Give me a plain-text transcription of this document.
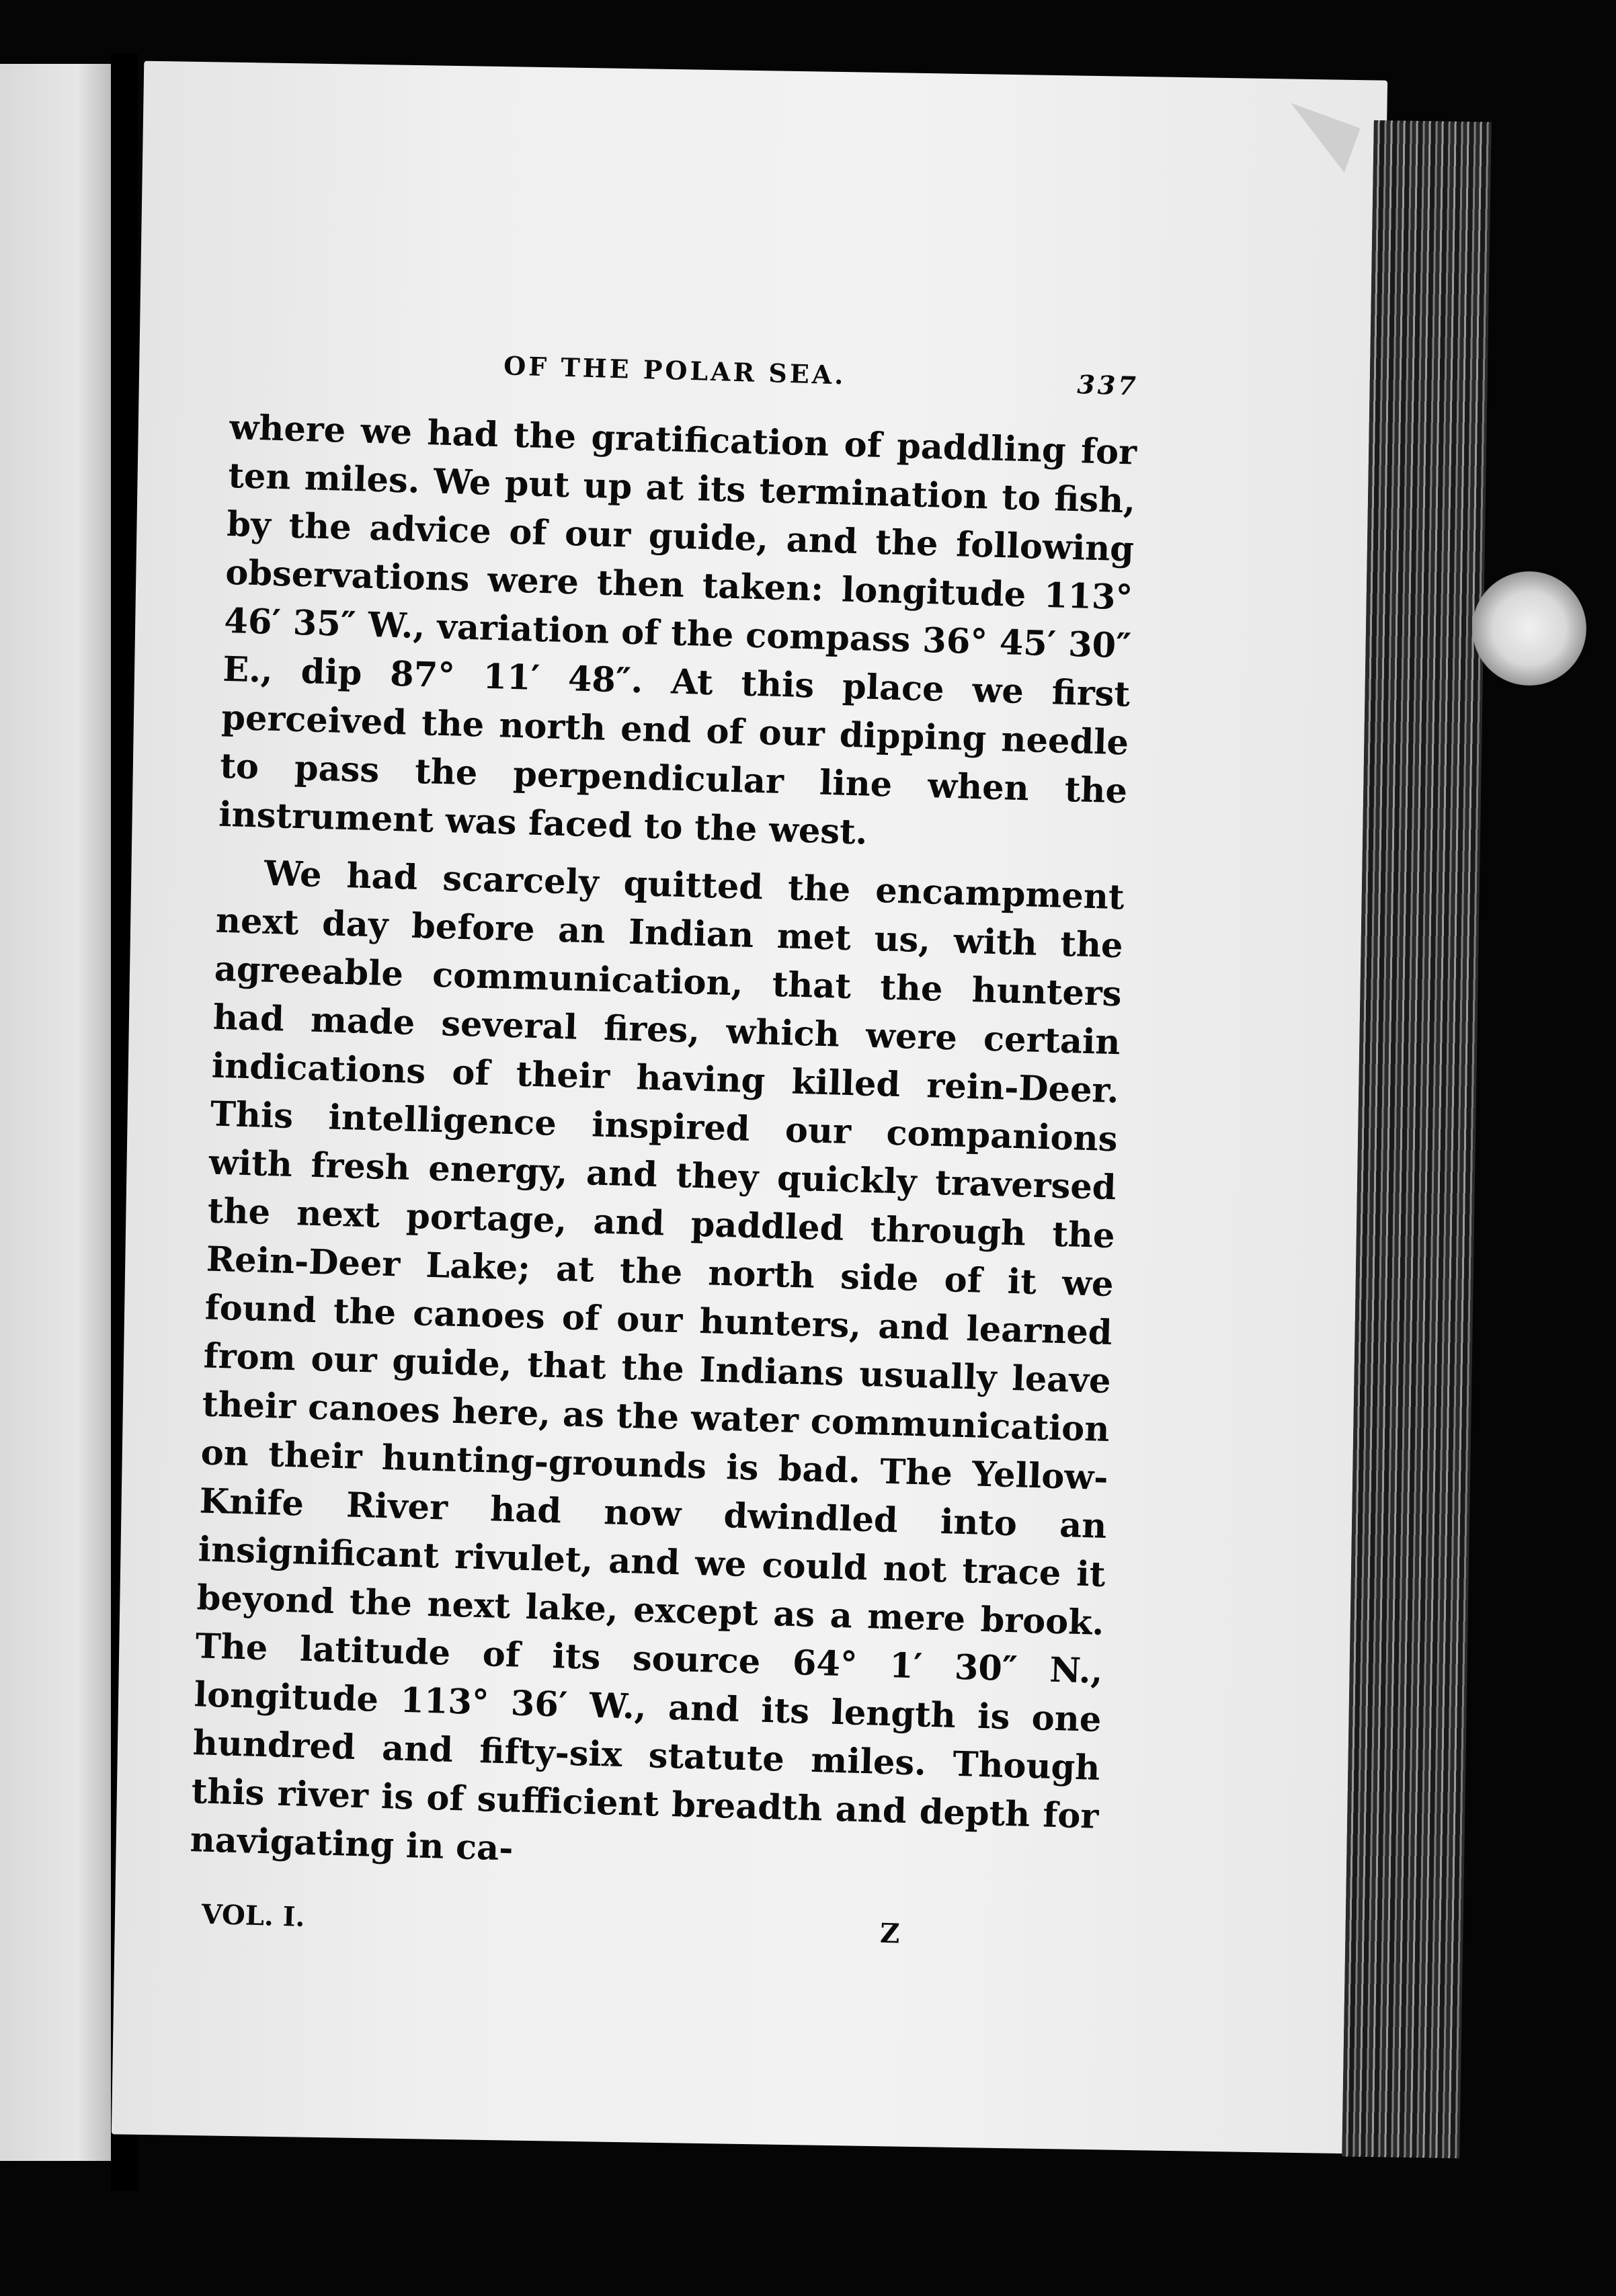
OF THE POLAR SEA.	337

where we had the gratification of paddling for ten miles. We put up at its termination to fish, by the advice of our guide, and the following observations were then taken: longitude 113° 46′ 35″ W., variation of the compass 36° 45′ 30″ E., dip 87° 11′ 48″. At this place we first perceived the north end of our dipping needle to pass the perpendicular line when the instrument was faced to the west.

We had scarcely quitted the encampment next day before an Indian met us, with the agreeable communication, that the hunters had made several fires, which were certain indications of their having killed rein-Deer. This intelligence inspired our companions with fresh energy, and they quickly traversed the next portage, and paddled through the Rein-Deer Lake; at the north side of it we found the canoes of our hunters, and learned from our guide, that the Indians usually leave their canoes here, as the water communication on their hunting-grounds is bad. The Yellow-Knife River had now dwindled into an insignificant rivulet, and we could not trace it beyond the next lake, except as a mere brook. The latitude of its source 64° 1′ 30″ N., longitude 113° 36′ W., and its length is one hundred and fifty-six statute miles. Though this river is of sufficient breadth and depth for navigating in ca-

VOL. I.
Z
